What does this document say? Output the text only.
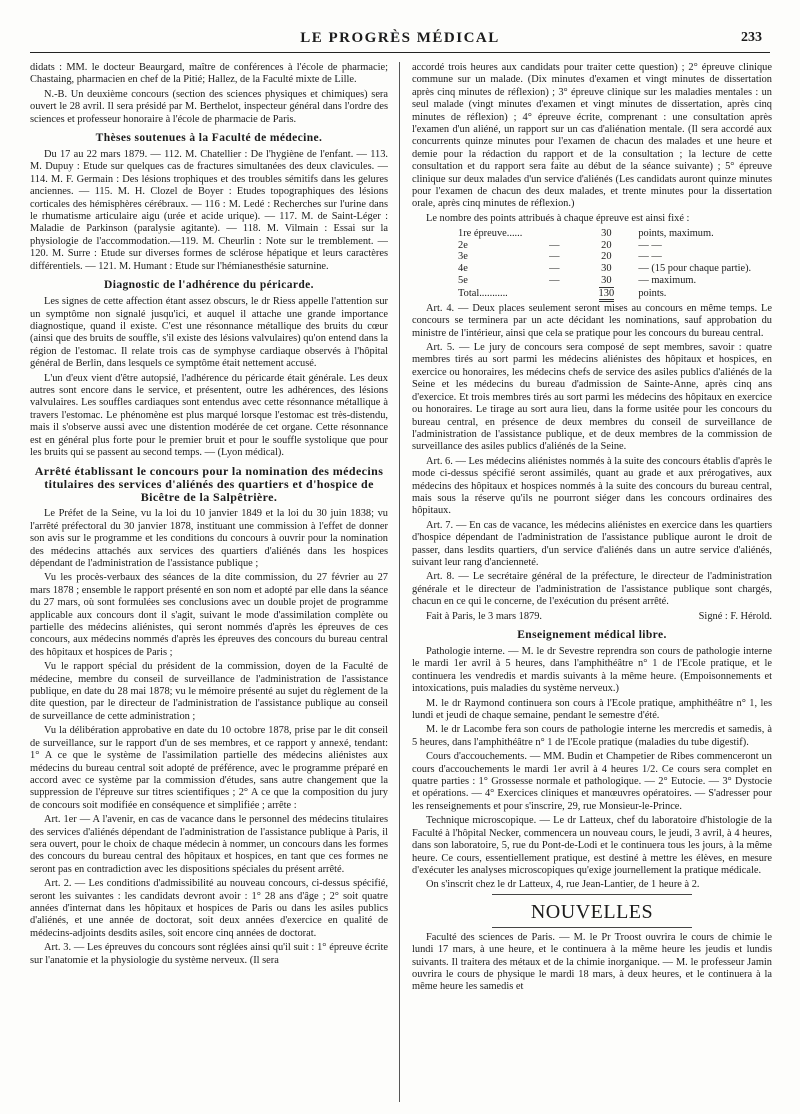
LE PROGRÈS MÉDICAL	233

didats : MM. le docteur Beaurgard, maître de conférences à l'école de pharmacie; Chastaing, pharmacien en chef de la Pitié; Hallez, de la Faculté mixte de Lille.

N.-B. Un deuxième concours (section des sciences physiques et chimiques) sera ouvert le 28 avril. Il sera présidé par M. Berthelot, inspecteur général dans l'ordre des sciences et professeur honoraire à l'école de pharmacie de Paris.

Thèses soutenues à la Faculté de médecine.

Du 17 au 22 mars 1879. — 112. M. Chatellier : De l'hygiène de l'enfant. — 113. M. Dupuy : Etude sur quelques cas de fractures simultanées des deux clavicules. — 114. M. F. Germain : Des lésions trophiques et des troubles sémitifs dans les gelures anciennes. — 115. M. H. Clozel de Boyer : Etudes topographiques des lésions corticales des hémisphères cérébraux. — 116 : M. Ledé : Recherches sur l'urine dans le rhumatisme articulaire aigu (urée et acide urique). — 117. M. de Saint-Léger : Maladie de Parkinson (paralysie agitante). — 118. M. Vilmain : Essai sur la physiologie de l'accommodation.—119. M. Cheurlin : Note sur le tremblement. — 120. M. Surre : Etude sur diverses formes de sclérose hépatique et leurs caractères différentiels. — 121. M. Humant : Etude sur l'hémianesthésie saturnine.

Diagnostic de l'adhérence du péricarde.

Les signes de cette affection étant assez obscurs, le dr Riess appelle l'attention sur un symptôme non signalé jusqu'ici, et auquel il attache une grande importance diagnostique, quand il existe. C'est une résonnance métallique des bruits du cœur (ainsi que des bruits de souffle, s'il existe des lésions valvulaires) qu'on entend dans la région de l'estomac. Il relate trois cas de symphyse cardiaque observés à l'hôpital général de Berlin, dans lesquels ce symptôme était nettement accusé.

L'un d'eux vient d'être autopsié, l'adhérence du péricarde était générale. Les deux autres sont encore dans le service, et présentent, outre les adhérences, des lésions valvulaires. Les souffles cardiaques sont entendus avec cette résonnance métallique à travers l'estomac. Le phénomène est plus marqué lorsque l'estomac est très-distendu, mais il s'observe aussi avec une distention modérée de cet organe. Cette résonnance est en général plus forte pour le premier bruit et pour le souffle systolique que pour les bruits qui se passent au second temps. — (Lyon médical).

Arrêté établissant le concours pour la nomination des médecins titulaires des services d'aliénés des quartiers et d'hospice de Bicêtre de la Salpêtrière.

Le Préfet de la Seine, vu la loi du 10 janvier 1849 et la loi du 30 juin 1838; vu l'arrêté préfectoral du 30 janvier 1878, instituant une commission à l'effet de donner son avis sur le programme et les conditions du concours à ouvrir pour la nomination des médecins attachés aux services des quartiers d'aliénés dans les hospices dépendant de l'administration de l'assistance publique ;

Vu les procès-verbaux des séances de la dite commission, du 27 février au 27 mars 1878 ; ensemble le rapport présenté en son nom et adopté par elle dans la séance du 27 mars, où sont formulées ses conclusions avec un double projet de programme applicable aux concours dont il s'agit, suivant le mode d'assimilation complète ou partielle des médecins aliénistes, qui seront nommés d'après les épreuves de ces concours, aux médecins nommés d'après les épreuves des concours du bureau central des hôpitaux et hospices de Paris ;

Vu le rapport spécial du président de la commission, doyen de la Faculté de médecine, membre du conseil de surveillance de l'administration de l'assistance publique, en date du 28 mai 1878; vu le mémoire présenté au sujet du règlement de la dite question, par le directeur de l'administration de l'assistance publique au conseil de surveillance de cette administration ;

Vu la délibération approbative en date du 10 octobre 1878, prise par le dit conseil de surveillance, sur le rapport d'un de ses membres, et ce rapport y annexé, tendant: 1° A ce que le système de l'assimilation partielle des médecins aliénistes aux médecins du bureau central soit adopté de préférence, avec le programme préparé en accord avec ce système par la commission d'études, sans autre changement que la suppression de l'épreuve sur titres scientifiques ; 2° A ce que la composition du jury de concours soit modifiée en conséquence et simplifiée ; arrête :

Art. 1er — A l'avenir, en cas de vacance dans le personnel des médecins titulaires des services d'aliénés dépendant de l'administration de l'assistance publique à Paris, il sera ouvert, pour le choix de chaque médecin à nommer, un concours dans les formes des concours du bureau central des hôpitaux et hospices, en tant que ces formes ne seront pas en contradiction avec les dispositions spéciales du présent arrêté.

Art. 2. — Les conditions d'admissibilité au nouveau concours, ci-dessus spécifié, seront les suivantes : les candidats devront avoir : 1° 28 ans d'âge ; 2° soit quatre années d'internat dans les hôpitaux et hospices de Paris ou dans les asiles publics d'aliénés, et une année de doctorat, soit deux années d'exercice en qualité de médecins-adjoints desdits asiles, soit encore cinq années de doctorat.

Art. 3. — Les épreuves du concours sont réglées ainsi qu'il suit : 1° épreuve écrite sur l'anatomie et la physiologie du système nerveux. (Il sera

accordé trois heures aux candidats pour traiter cette question) ; 2° épreuve clinique commune sur un malade. (Dix minutes d'examen et vingt minutes de dissertation après cinq minutes de réflexion) ; 3° épreuve clinique sur les maladies mentales : un seul malade (vingt minutes d'examen et vingt minutes de dissertation, après cinq minutes de réflexion) ; 4° épreuve écrite, comprenant : une consultation après l'examen d'un aliéné, un rapport sur un cas d'aliénation mentale. (Il sera accordé aux concurrents quinze minutes pour l'examen de chacun des malades et une heure et demie pour la rédaction du rapport et de la consultation ; la lecture de cette consultation et du rapport sera faite au début de la séance suivante) ; 5° épreuve clinique sur deux malades d'un service d'aliénés (Les candidats auront quinze minutes pour l'examen de chacun des deux malades, et trente minutes pour la dissertation orale, après cinq minutes de réflexion.)

Le nombre des points attribués à chaque épreuve est ainsi fixé :

1re épreuve......		30	points, maximum.
2e	—	20	— —
3e	—	20	— —
4e	—	30	— (15 pour chaque partie).
5e	—	30	— maximum.
Total...........		130	points.

Art. 4. — Deux places seulement seront mises au concours en même temps. Le concours se terminera par un acte décidant les nominations, sauf approbation du ministre de l'intérieur, ainsi que cela se pratique pour les concours du bureau central.

Art. 5. — Le jury de concours sera composé de sept membres, savoir : quatre membres tirés au sort parmi les médecins aliénistes des hôpitaux et hospices, en exercice ou honoraires, les médecins chefs de service des asiles publics d'aliénés de la Seine et les médecins du bureau d'admission de Sainte-Anne, après cinq ans d'exercice. Et trois membres tirés au sort parmi les médecins des hôpitaux en exercice ou honoraires. Le tirage au sort aura lieu, dans la forme usitée pour les concours du bureau central, en présence de deux membres du conseil de surveillance de l'administration de l'assistance publique, et de deux membres de la commission de surveillance des asiles publics d'aliénés de la Seine.

Art. 6. — Les médecins aliénistes nommés à la suite des concours établis d'après le mode ci-dessus spécifié seront assimilés, quant au grade et aux prérogatives, aux médecins des hôpitaux et hospices nommés à la suite des concours du bureau central, mais sous la réserve qu'ils ne pourront siéger dans les concours ordinaires des hôpitaux.

Art. 7. — En cas de vacance, les médecins aliénistes en exercice dans les quartiers d'hospice dépendant de l'administration de l'assistance publique auront le droit de passer, dans lesdits quartiers, d'un service d'aliénés dans un autre service d'aliénés, suivant leur rang d'ancienneté.

Art. 8. — Le secrétaire général de la préfecture, le directeur de l'administration générale et le directeur de l'administration de l'assistance publique sont chargés, chacun en ce qui le concerne, de l'exécution du présent arrêté.

Fait à Paris, le 3 mars 1879.	Signé : F. Hérold.
Enseignement médical libre.

Pathologie interne. — M. le dr Sevestre reprendra son cours de pathologie interne le mardi 1er avril à 5 heures, dans l'amphithéâtre n° 1 de l'Ecole pratique, et le continuera les vendredis et mardis suivants à la même heure. (Empoisonnements et intoxications, puis maladies du système nerveux.)

M. le dr Raymond continuera son cours à l'Ecole pratique, amphithéâtre n° 1, les lundi et jeudi de chaque semaine, pendant le semestre d'été.

M. le dr Lacombe fera son cours de pathologie interne les mercredis et samedis, à 5 heures, dans l'amphithéâtre n° 1 de l'Ecole pratique (maladies du tube digestif).

Cours d'accouchements. — MM. Budin et Champetier de Ribes commenceront un cours d'accouchements le mardi 1er avril à 4 heures 1/2. Ce cours sera complet en quatre parties : 1° Grossesse normale et pathologique. — 2° Eutocie. — 3° Dystocie et opérations. — 4° Exercices cliniques et manœuvres opératoires. — S'adresser pour les renseignements et pour s'inscrire, 29, rue Monsieur-le-Prince.

Technique microscopique. — Le dr Latteux, chef du laboratoire d'histologie de la Faculté à l'hôpital Necker, commencera un nouveau cours, le jeudi, 3 avril, à 4 heures, dans son laboratoire, 5, rue du Pont-de-Lodi et le continuera tous les jours, à la même heure. Ce cours, essentiellement pratique, est destiné à mettre les élèves, en mesure d'exécuter les analyses microscopiques qu'exige journellement la pratique médicale.

On s'inscrit chez le dr Latteux, 4, rue Jean-Lantier, de 1 heure à 2.

NOUVELLES

Faculté des sciences de Paris. — M. le Pr Troost ouvrira le cours de chimie le lundi 17 mars, à une heure, et le continuera à la même heure les jeudis et lundis suivants. Il traitera des métaux et de la chimie inorganique. — M. le professeur Jamin ouvrira le cours de physique le mardi 18 mars, à deux heures, et le continuera à la même heure les samedis et
